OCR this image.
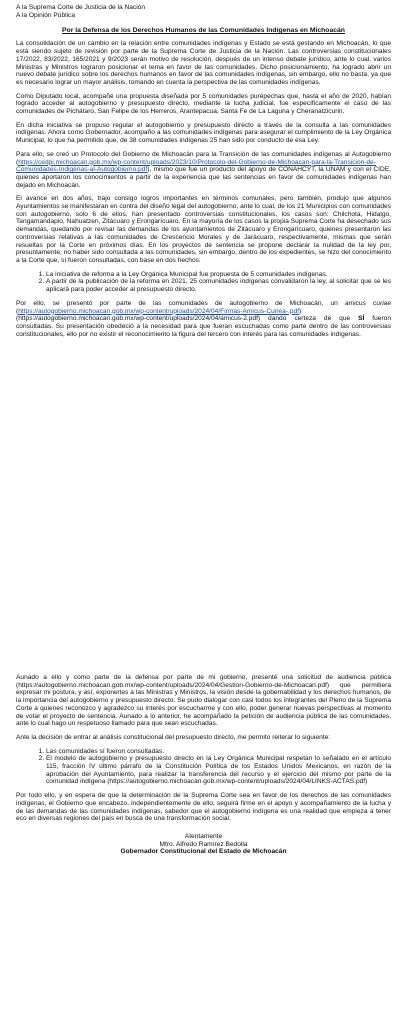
A la Suprema Corte de Justicia de la Nación

A la Opinión Pública

Por la Defensa de los Derechos Humanos de las Comunidades Indígenas en Michoacán

La consolidación de un cambio en la relación entre comunidades indígenas y Estado se está gestando en Michoacán, lo que está siendo sujeto de revisión por parte de la Suprema Corte de Justicia de la Nación. Las controversias constitucionales 17/2022, 83/2022, 165/2021 y 9/2023 serán motivo de resolución, después de un intenso debate jurídico, ante lo cual, varios Ministras y Ministros lograron posicionar el tema en favor de las comunidades. Dicho posicionamiento, ha logrado abrir un nuevo debate jurídico sobre los derechos humanos en favor de las comunidades indígenas, sin embargo, ello no basta, ya que es necesario lograr un mayor análisis, tomando en cuenta la perspectiva de las comunidades indígenas.

Como Diputado local, acompañé una propuesta diseñada por 5 comunidades purépechas que, hasta el año de 2020, habían logrado acceder al autogobierno y presupuesto directo, mediante la lucha judicial, fue específicamente el caso de las comunidades de Pichátaro, San Felipe de los Herreros, Arantepacua, Santa Fe de La Laguna y Cheranatzicurin.

En dicha iniciativa se propuso regular el autogobierno y presupuesto directo a través de la consulta a las comunidades indígenas. Ahora como Gobernador, acompaño a las comunidades indígenas para asegurar el cumplimiento de la Ley Orgánica Municipal, lo que ha permitido que, de 38 comunidades indígenas 25 han sido por conducto de esa Ley.

Para ello, se creó un Protocolo del Gobierno de Michoacán para la Transición de las comunidades indígenas al Autogobierno (https://cedpi.michoacan.gob.mx/wp-content/uploads/2023/10/Protocolo-del-Gobierno-de-Michoacan-para-la-Transicion-de-Comunidades-Indigenas-al-Autogobierno.pdf), mismo que fue un producto del apoyo de CONAHCYT, la UNAM y con el CIDE, quienes aportaron los conocimientos a partir de la experiencia que las sentencias en favor de comunidades indígenas han dejado en Michoacán.

El avance en dos años, trajo consigo logros importantes en términos comunales, pero también, produjo que algunos Ayuntamientos se manifestaran en contra del diseño legal del autogobierno, ante lo cual, de los 21 Municipios con comunidades con autogobierno, solo 6 de ellos, han presentado controversias constitucionales, los casos son: Chilchota, Hidalgo, Tangamandapio, Nahuatzen, Zitácuaro y Erongarícuaro. En la mayoría de los casos la propia Suprema Corte ha desechado sus demandas, quedando por revisar las demandas de los ayuntamientos de Zitácuaro y Erongarícuaro, quienes presentaron las controversias relativas a las comunidades de Crescencio Morales y de Jarácuaro, respectivamente, mismas que serán resueltas por la Corte en próximos días. En los proyectos de sentencia se propone declarar la nulidad de la ley por, presuntamente, no haber sido consultada a las comunidades, sin embargo, dentro de los expedientes, se hizo del conocimiento a la Corte que, sí fueron consultadas, con base en dos hechos:

1. La iniciativa de reforma a la Ley Orgánica Municipal fue propuesta de 5 comunidades indígenas.
2. A partir de la publicación de la reforma en 2021, 25 comunidades indígenas convalidaron la ley, al solicitar que se les aplicará para poder acceder al presupuesto directo.

Por ello, se presentó por parte de las comunidades de autogobierno de Michoacán, un amicus curiae (https://autogobierno.michoacan.gob.mx/wp-content/uploads/2024/04/Firmas-Amicus-Curiea-.pdf) (https://autogobierno.michoacan.gob.mx/wp-content/uploads/2024/04/amicus-2.pdf) dando certeza de que SÍ fueron consultadas. Su presentación obedeció a la necesidad para que fueran escuchadas como parte dentro de las controversias constitucionales, ello por no existir el reconocimiento la figura del tercero con interés para las comunidades indígenas.

Aunado a ello y como parte de la defensa por parte de mi gobierno, presenté una solicitud de audiencia pública (https://autogobierno.michoacan.gob.mx/wp-content/uploads/2024/04/Gestion-Gobierno-de-Michoacan.pdf) que permitiera expresar mi postura, y así, exponerles a las Ministras y Ministros, la visión desde la gobernabilidad y los derechos humanos, de la importancia del autogobierno y presupuesto directo. Se pudo dialogar con casi todos los integrantes del Pleno de la Suprema Corte a quienes reconozco y agradezco su interés por escucharme y con ello, poder generar nuevas perspectivas al momento de votar el proyecto de sentencia. Aunado a lo anterior, he acompañado la petición de audiencia pública de las comunidades, ante lo cual hago un respetuoso llamado para que sean escuchadas.

Ante la decisión de entrar al análisis constitucional del presupuesto directo, me permito reiterar lo siguiente:

1. Las comunidades sí fueron consultadas.
2. El modelo de autogobierno y presupuesto directo en la Ley Orgánica Municipal respetan lo señalado en el artículo 115, fracción IV último párrafo de la Constitución Política de los Estados Unidos Mexicanos, en razón de la aprobación del Ayuntamiento, para realizar la transferencia del recurso y el ejercicio del mismo por parte de la comunidad indígena (https://autogobierno.michoacan.gob.mx/wp-content/uploads/2024/04/LINKS-ACTAS.pdf)

Por todo ello, y en espera de que la determinación de la Suprema Corte sea en favor de los derechos de las comunidades indígenas, el Gobierno que encabezo, independientemente de ello, seguirá firme en el apoyo y acompañamiento de la lucha y de las demandas de las comunidades indígenas, sabedor que el autogobierno indígena es una realidad que empieza a tener eco en diversas regiones del país en busca de una transformación social.

Atentamente

Mtro. Alfredo Ramírez Bedolla

Gobernador Constitucional del Estado de Michoacán
